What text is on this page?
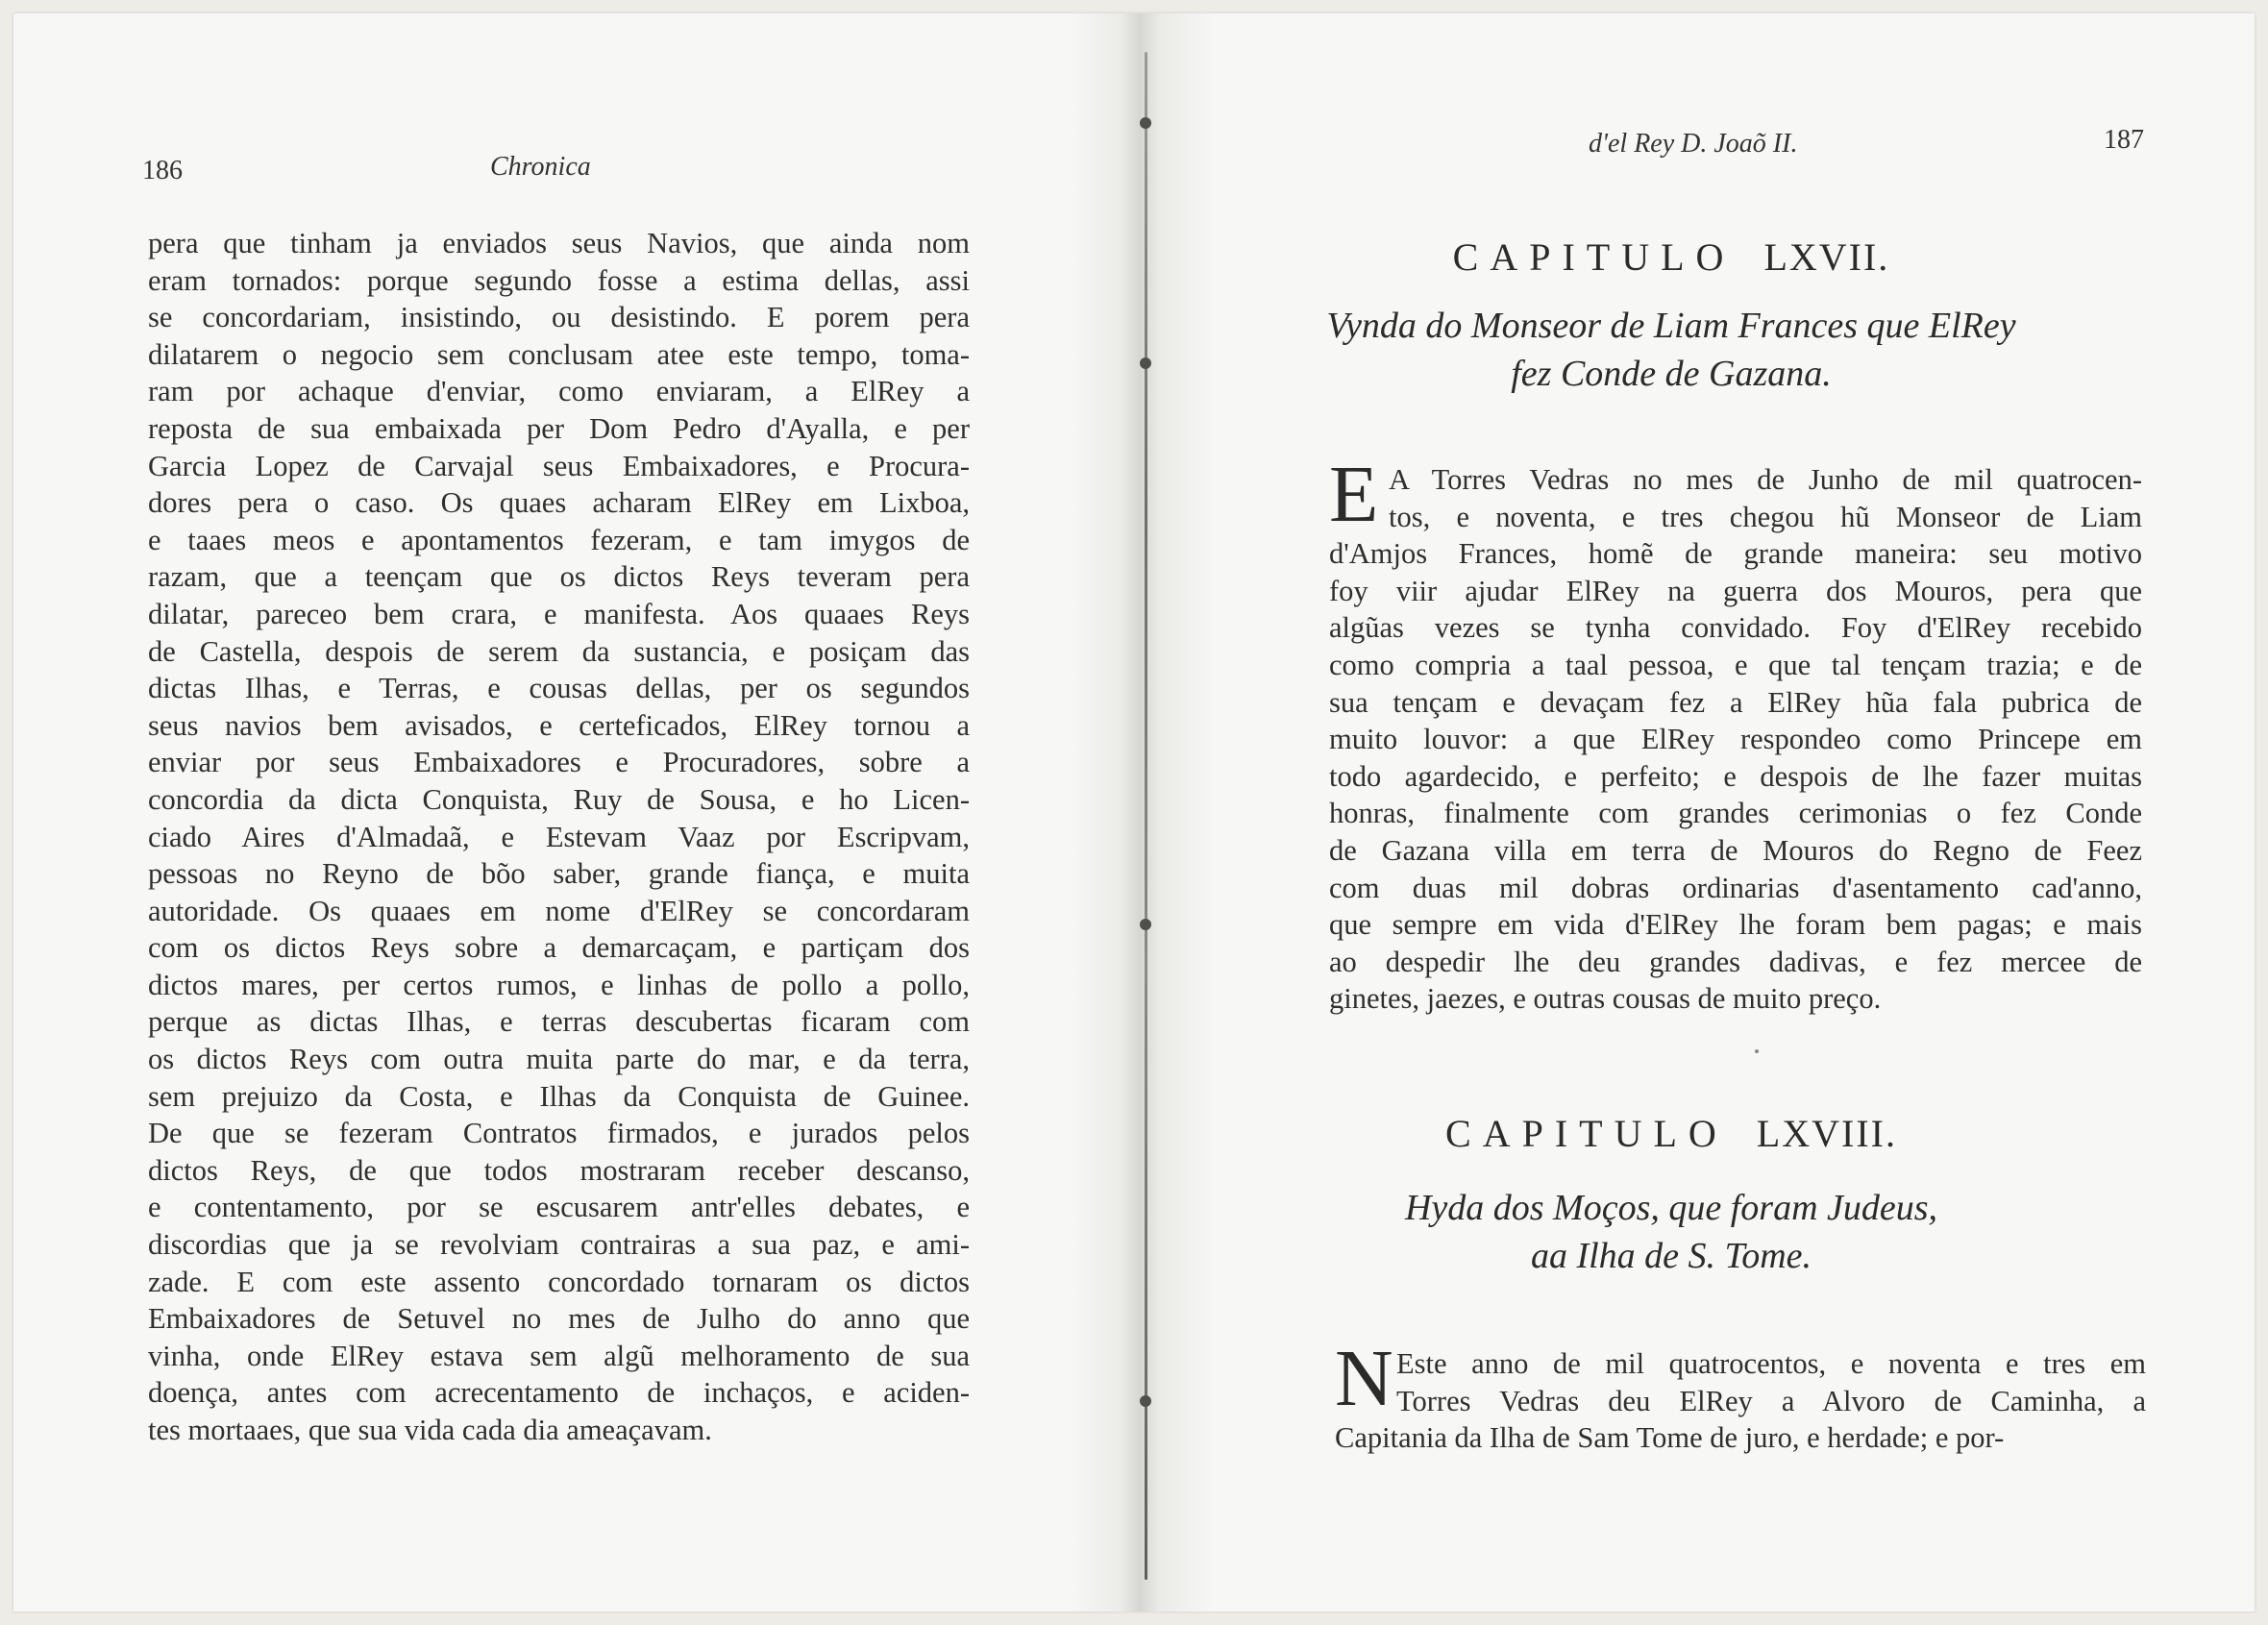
186	Chronica
pera que tinham ja enviados seus Navios, que ainda nom
eram tornados: porque segundo fosse a estima dellas, assi
se concordariam, insistindo, ou desistindo. E porem pera
dilatarem o negocio sem conclusam atee este tempo, toma-
ram por achaque d'enviar, como enviaram, a ElRey a
reposta de sua embaixada per Dom Pedro d'Ayalla, e per
Garcia Lopez de Carvajal seus Embaixadores, e Procura-
dores pera o caso. Os quaes acharam ElRey em Lixboa,
e taaes meos e apontamentos fezeram, e tam imygos de
razam, que a teençam que os dictos Reys teveram pera
dilatar, pareceo bem crara, e manifesta. Aos quaaes Reys
de Castella, despois de serem da sustancia, e posiçam das
dictas Ilhas, e Terras, e cousas dellas, per os segundos
seus navios bem avisados, e certeficados, ElRey tornou a
enviar por seus Embaixadores e Procuradores, sobre a
concordia da dicta Conquista, Ruy de Sousa, e ho Licen-
ciado Aires d'Almadaã, e Estevam Vaaz por Escripvam,
pessoas no Reyno de bõo saber, grande fiança, e muita
autoridade. Os quaaes em nome d'ElRey se concordaram
com os dictos Reys sobre a demarcaçam, e partiçam dos
dictos mares, per certos rumos, e linhas de pollo a pollo,
perque as dictas Ilhas, e terras descubertas ficaram com
os dictos Reys com outra muita parte do mar, e da terra,
sem prejuizo da Costa, e Ilhas da Conquista de Guinee.
De que se fezeram Contratos firmados, e jurados pelos
dictos Reys, de que todos mostraram receber descanso,
e contentamento, por se escusarem antr'elles debates, e
discordias que ja se revolviam contrairas a sua paz, e ami-
zade. E com este assento concordado tornaram os dictos
Embaixadores de Setuvel no mes de Julho do anno que
vinha, onde ElRey estava sem algũ melhoramento de sua
doença, antes com acrecentamento de inchaços, e aciden-
tes mortaaes, que sua vida cada dia ameaçavam.
d'el Rey D. Joaõ II.	187
CAPITULO LXVII.
Vynda do Monseor de Liam Frances que ElRey
fez Conde de Gazana.
E A Torres Vedras no mes de Junho de mil quatrocen-
tos, e noventa, e tres chegou hũ Monseor de Liam
d'Amjos Frances, homẽ de grande maneira: seu motivo
foy viir ajudar ElRey na guerra dos Mouros, pera que
algũas vezes se tynha convidado. Foy d'ElRey recebido
como compria a taal pessoa, e que tal tençam trazia; e de
sua tençam e devaçam fez a ElRey hũa fala pubrica de
muito louvor: a que ElRey respondeo como Princepe em
todo agardecido, e perfeito; e despois de lhe fazer muitas
honras, finalmente com grandes cerimonias o fez Conde
de Gazana villa em terra de Mouros do Regno de Feez
com duas mil dobras ordinarias d'asentamento cad'anno,
que sempre em vida d'ElRey lhe foram bem pagas; e mais
ao despedir lhe deu grandes dadivas, e fez mercee de
ginetes, jaezes, e outras cousas de muito preço.
CAPITULO LXVIII.
Hyda dos Moços, que foram Judeus,
aa Ilha de S. Tome.
N Este anno de mil quatrocentos, e noventa e tres em
Torres Vedras deu ElRey a Alvoro de Caminha, a
Capitania da Ilha de Sam Tome de juro, e herdade; e por-
